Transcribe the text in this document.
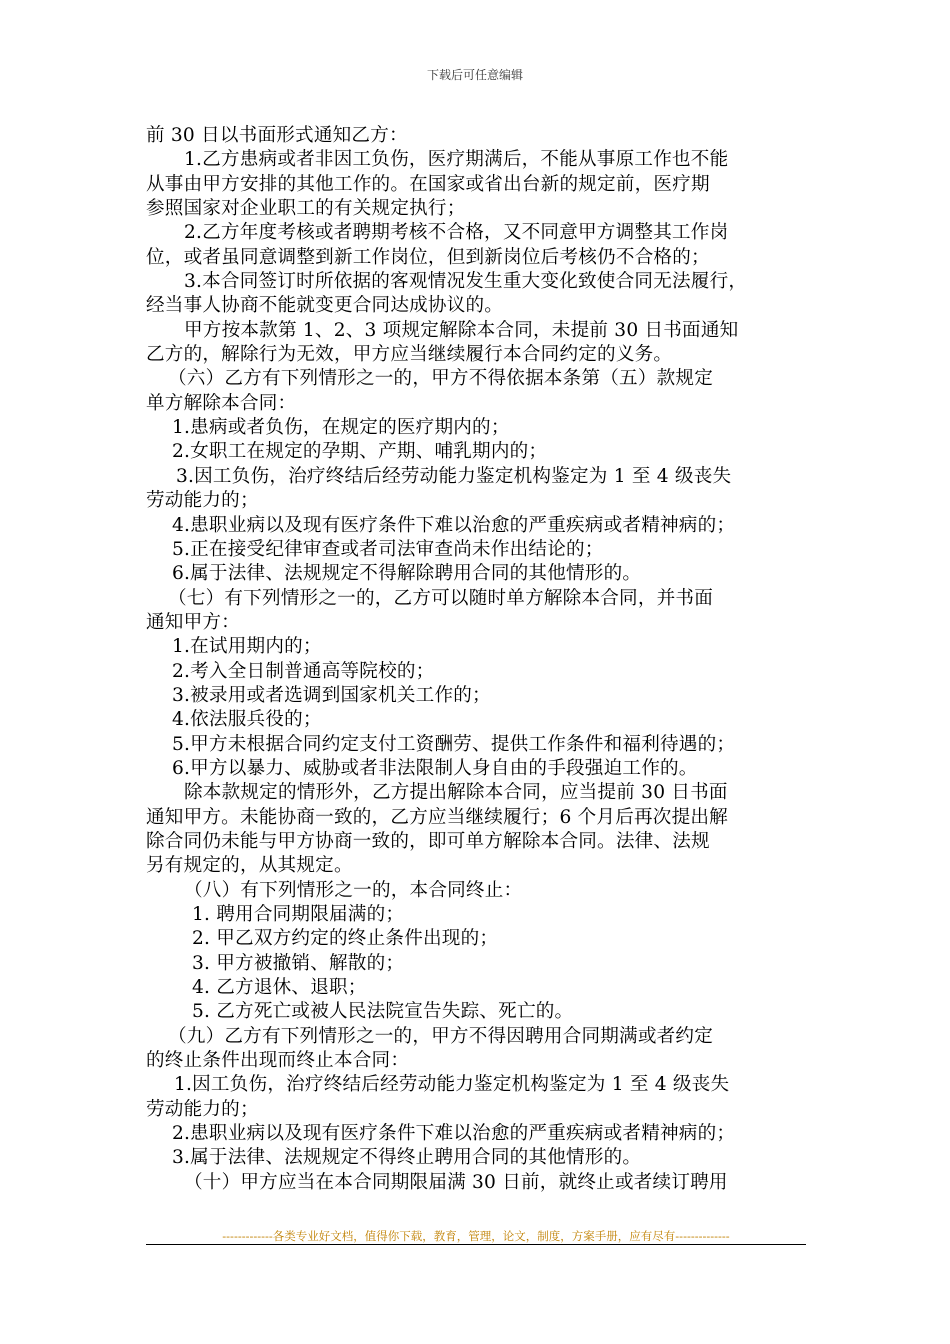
下载后可任意编辑
前 30 日以书面形式通知乙方：
1.乙方患病或者非因工负伤，医疗期满后，不能从事原工作也不能
从事由甲方安排的其他工作的。在国家或省出台新的规定前，医疗期
参照国家对企业职工的有关规定执行；
2.乙方年度考核或者聘期考核不合格，又不同意甲方调整其工作岗
位，或者虽同意调整到新工作岗位，但到新岗位后考核仍不合格的；
3.本合同签订时所依据的客观情况发生重大变化致使合同无法履行，
经当事人协商不能就变更合同达成协议的。
甲方按本款第 1、2、3 项规定解除本合同，未提前 30 日书面通知
乙方的，解除行为无效，甲方应当继续履行本合同约定的义务。
（六）乙方有下列情形之一的，甲方不得依据本条第（五）款规定
单方解除本合同：
1.患病或者负伤，在规定的医疗期内的；
2.女职工在规定的孕期、产期、哺乳期内的；
3.因工负伤，治疗终结后经劳动能力鉴定机构鉴定为 1 至 4 级丧失
劳动能力的；
4.患职业病以及现有医疗条件下难以治愈的严重疾病或者精神病的；
5.正在接受纪律审查或者司法审查尚未作出结论的；
6.属于法律、法规规定不得解除聘用合同的其他情形的。
（七）有下列情形之一的，乙方可以随时单方解除本合同，并书面
通知甲方：
1.在试用期内的；
2.考入全日制普通高等院校的；
3.被录用或者选调到国家机关工作的；
4.依法服兵役的；
5.甲方未根据合同约定支付工资酬劳、提供工作条件和福利待遇的；
6.甲方以暴力、威胁或者非法限制人身自由的手段强迫工作的。
除本款规定的情形外，乙方提出解除本合同，应当提前 30 日书面
通知甲方。未能协商一致的，乙方应当继续履行；6 个月后再次提出解
除合同仍未能与甲方协商一致的，即可单方解除本合同。法律、法规
另有规定的，从其规定。
（八）有下列情形之一的，本合同终止：
1. 聘用合同期限届满的；
2. 甲乙双方约定的终止条件出现的；
3. 甲方被撤销、解散的；
4. 乙方退休、退职；
5. 乙方死亡或被人民法院宣告失踪、死亡的。
（九）乙方有下列情形之一的，甲方不得因聘用合同期满或者约定
的终止条件出现而终止本合同：
1.因工负伤，治疗终结后经劳动能力鉴定机构鉴定为 1 至 4 级丧失
劳动能力的；
2.患职业病以及现有医疗条件下难以治愈的严重疾病或者精神病的；
3.属于法律、法规规定不得终止聘用合同的其他情形的。
（十）甲方应当在本合同期限届满 30 日前，就终止或者续订聘用
-------------各类专业好文档，值得你下载，教育，管理，论文，制度，方案手册，应有尽有--------------
